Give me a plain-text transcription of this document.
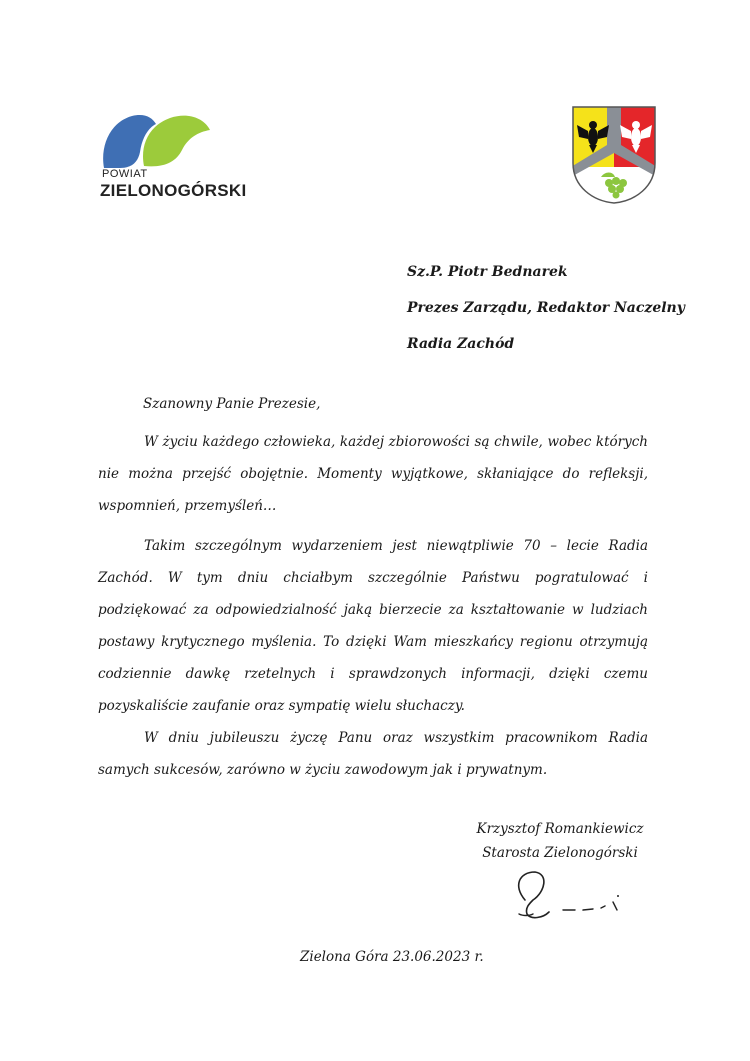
POWIAT
ZIELONOGÓRSKI
Sz.P. Piotr Bednarek
Prezes Zarządu, Redaktor Naczelny
Radia Zachód
Szanowny Panie Prezesie,
W życiu każdego człowieka, każdej zbiorowości są chwile, wobec których nie można przejść obojętnie. Momenty wyjątkowe, skłaniające do refleksji, wspomnień, przemyśleń…
Takim szczególnym wydarzeniem jest niewątpliwie 70 – lecie Radia Zachód. W tym dniu chciałbym szczególnie Państwu pogratulować i podziękować za odpowiedzialność jaką bierzecie za kształtowanie w ludziach postawy krytycznego myślenia. To dzięki Wam mieszkańcy regionu otrzymują codziennie dawkę rzetelnych i sprawdzonych informacji, dzięki czemu pozyskaliście zaufanie oraz sympatię wielu słuchaczy.
W dniu jubileuszu życzę Panu oraz wszystkim pracownikom Radia samych sukcesów, zarówno w życiu zawodowym jak i prywatnym.
Krzysztof Romankiewicz
Starosta Zielonogórski
Zielona Góra 23.06.2023 r.
